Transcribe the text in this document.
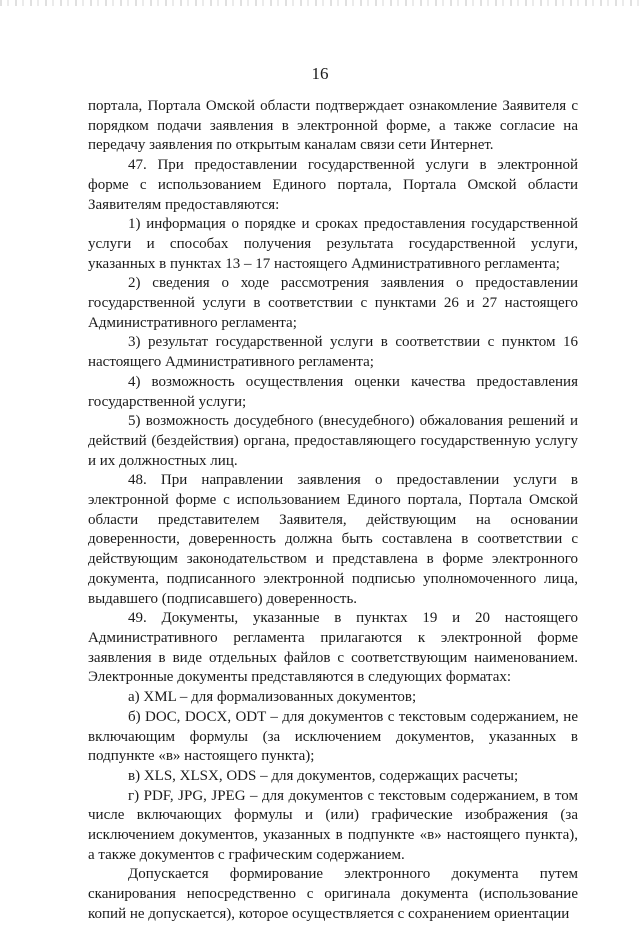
16

портала, Портала Омской области подтверждает ознакомление Заявителя с порядком подачи заявления в электронной форме, а также согласие на передачу заявления по открытым каналам связи сети Интернет.

47. При предоставлении государственной услуги в электронной форме с использованием Единого портала, Портала Омской области Заявителям предоставляются:

1) информация о порядке и сроках предоставления государственной услуги и способах получения результата государственной услуги, указанных в пунктах 13 – 17 настоящего Административного регламента;

2) сведения о ходе рассмотрения заявления о предоставлении государственной услуги в соответствии с пунктами 26 и 27 настоящего Административного регламента;

3) результат государственной услуги в соответствии с пунктом 16 настоящего Административного регламента;

4) возможность осуществления оценки качества предоставления государственной услуги;

5) возможность досудебного (внесудебного) обжалования решений и действий (бездействия) органа, предоставляющего государственную услугу и их должностных лиц.

48. При направлении заявления о предоставлении услуги в электронной форме с использованием Единого портала, Портала Омской области представителем Заявителя, действующим на основании доверенности, доверенность должна быть составлена в соответствии с действующим законодательством и представлена в форме электронного документа, подписанного электронной подписью уполномоченного лица, выдавшего (подписавшего) доверенность.

49. Документы, указанные в пунктах 19 и 20 настоящего Административного регламента прилагаются к электронной форме заявления в виде отдельных файлов с соответствующим наименованием. Электронные документы представляются в следующих форматах:

а) XML – для формализованных документов;

б) DOC, DOCX, ODT – для документов с текстовым содержанием, не включающим формулы (за исключением документов, указанных в подпункте «в» настоящего пункта);

в) XLS, XLSX, ODS – для документов, содержащих расчеты;

г) PDF, JPG, JPEG – для документов с текстовым содержанием, в том числе включающих формулы и (или) графические изображения (за исключением документов, указанных в подпункте «в» настоящего пункта), а также документов с графическим содержанием.

Допускается формирование электронного документа путем сканирования непосредственно с оригинала документа (использование копий не допускается), которое осуществляется с сохранением ориентации
